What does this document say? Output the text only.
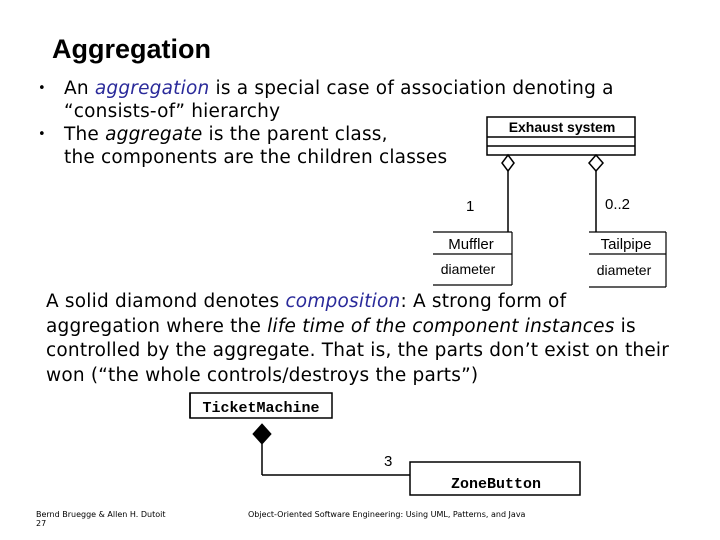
Aggregation
• An aggregation is a special case of association denoting a
“consists-of” hierarchy
• The aggregate is the parent class,
the components are the children classes
Exhaust system
1	0..2
Muffler
diameter
Tailpipe
diameter
TicketMachine
3
ZoneButton
A solid diamond denotes composition: A strong form of aggregation where the life time of the component instances is controlled by the aggregate. That is, the parts don’t exist on their won (“the whole controls/destroys the parts”)
Bernd Bruegge & Allen H. Dutoit
27
Object-Oriented Software Engineering: Using UML, Patterns, and Java
